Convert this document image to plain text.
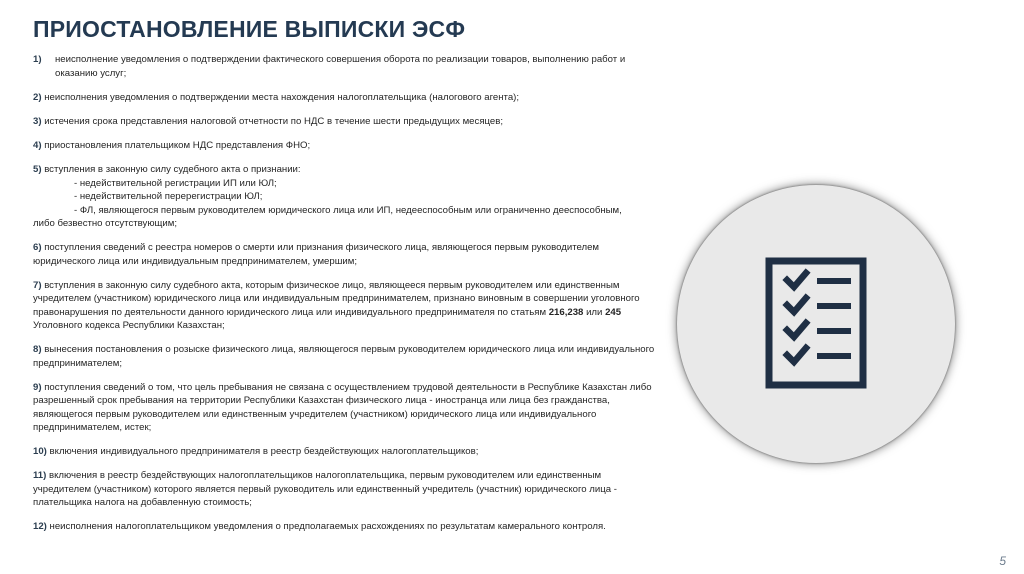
ПРИОСТАНОВЛЕНИЕ ВЫПИСКИ ЭСФ
1)	неисполнение уведомления о подтверждении фактического совершения оборота по реализации товаров, выполнению работ и оказанию услуг;
2) неисполнения уведомления о подтверждении места нахождения налогоплательщика (налогового агента);
3) истечения срока представления налоговой отчетности по НДС в течение шести предыдущих месяцев;
4) приостановления плательщиком НДС представления ФНО;
5) вступления в законную силу судебного акта о признании:
- недействительной регистрации ИП или ЮЛ;
- недействительной перерегистрации ЮЛ;
- ФЛ, являющегося первым руководителем юридического лица или ИП, недееспособным или ограниченно дееспособным,
либо безвестно отсутствующим;
6) поступления сведений с реестра номеров о смерти или признания физического лица, являющегося первым руководителем юридического лица или индивидуальным предпринимателем, умершим;
7) вступления в законную силу судебного акта, которым физическое лицо, являющееся первым руководителем или единственным учредителем (участником) юридического лица или индивидуальным предпринимателем, признано виновным в совершении уголовного правонарушения по деятельности данного юридического лица или индивидуального предпринимателя по статьям 216,238 или 245 Уголовного кодекса Республики Казахстан;
8) вынесения постановления о розыске физического лица, являющегося первым руководителем юридического лица или индивидуального предпринимателем;
9) поступления сведений о том, что цель пребывания не связана с осуществлением трудовой деятельности в Республике Казахстан либо разрешенный срок пребывания на территории Республики Казахстан физического лица - иностранца или лица без гражданства, являющегося первым руководителем или единственным учредителем (участником) юридического лица или индивидуального предпринимателем, истек;
10) включения индивидуального предпринимателя в реестр бездействующих налогоплательщиков;
11) включения в реестр бездействующих налогоплательщиков налогоплательщика, первым руководителем или единственным учредителем (участником) которого является первый руководитель или единственный учредитель (участник) юридического лица - плательщика налога на добавленную стоимость;
12) неисполнения налогоплательщиком уведомления о предполагаемых расхождениях по результатам камерального контроля.
5
